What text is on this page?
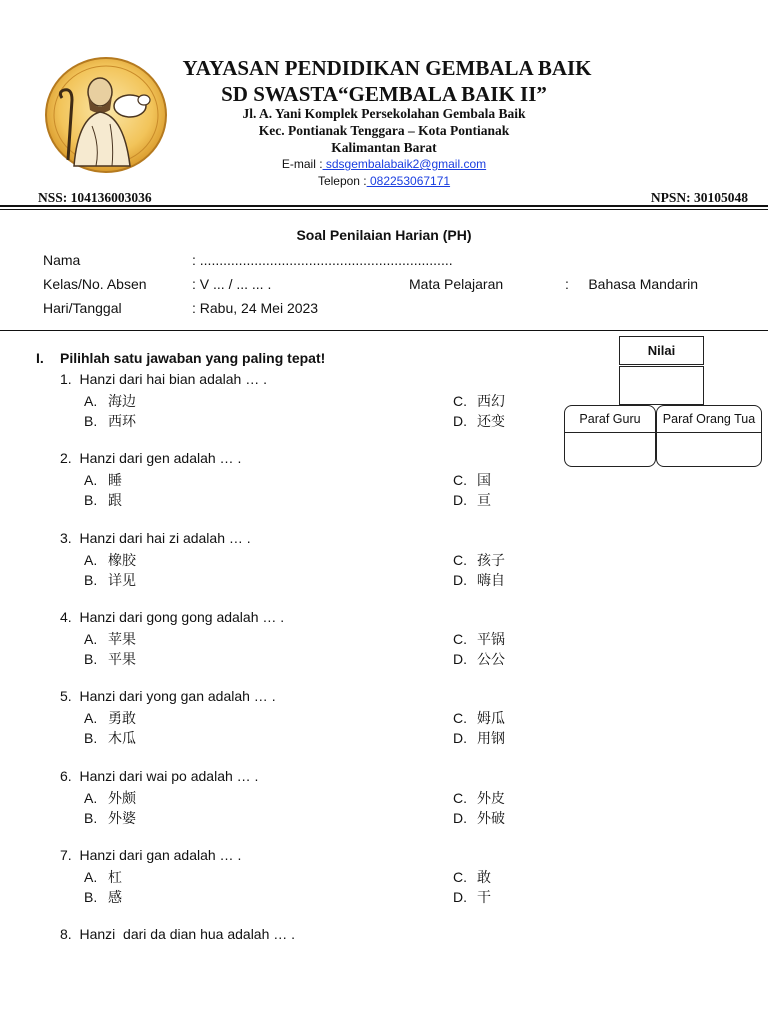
YAYASAN PENDIDIKAN GEMBALA BAIK
SD SWASTA“GEMBALA BAIK II”
Jl. A. Yani Komplek Persekolahan Gembala Baik
Kec. Pontianak Tenggara – Kota Pontianak
Kalimantan Barat
E-mail : sdsgembalabaik2@gmail.com
Telepon : 082253067171
NSS: 104136003036	NPSN: 30105048
Soal Penilaian Harian (PH)
Nama	: .................................................................
Kelas/No. Absen	: V ... / ... ... .	Mata Pelajaran	:     Bahasa Mandarin
Hari/Tanggal	: Rabu, 24 Mei 2023
Nilai
Paraf Guru	Paraf Orang Tua
I. Pilihlah satu jawaban yang paling tepat!
1.  Hanzi dari hai bian adalah … .
A. 海边
B. 西环
C. 西幻
D. 还变
2.  Hanzi dari gen adalah … .
A. 睡
B. 跟
C. 国
D. 亘
3.  Hanzi dari hai zi adalah … .
A. 橡胶
B. 详见
C. 孩子
D. 嗨自
4.  Hanzi dari gong gong adalah … .
A. 苹果
B. 平果
C. 平锅
D. 公公
5.  Hanzi dari yong gan adalah … .
A. 勇敢
B. 木瓜
C. 姆瓜
D. 用钢
6.  Hanzi dari wai po adalah … .
A. 外颇
B. 外婆
C. 外皮
D. 外破
7.  Hanzi dari gan adalah … .
A. 杠
B. 感
C. 敢
D. 干
8.  Hanzi  dari da dian hua adalah … .
